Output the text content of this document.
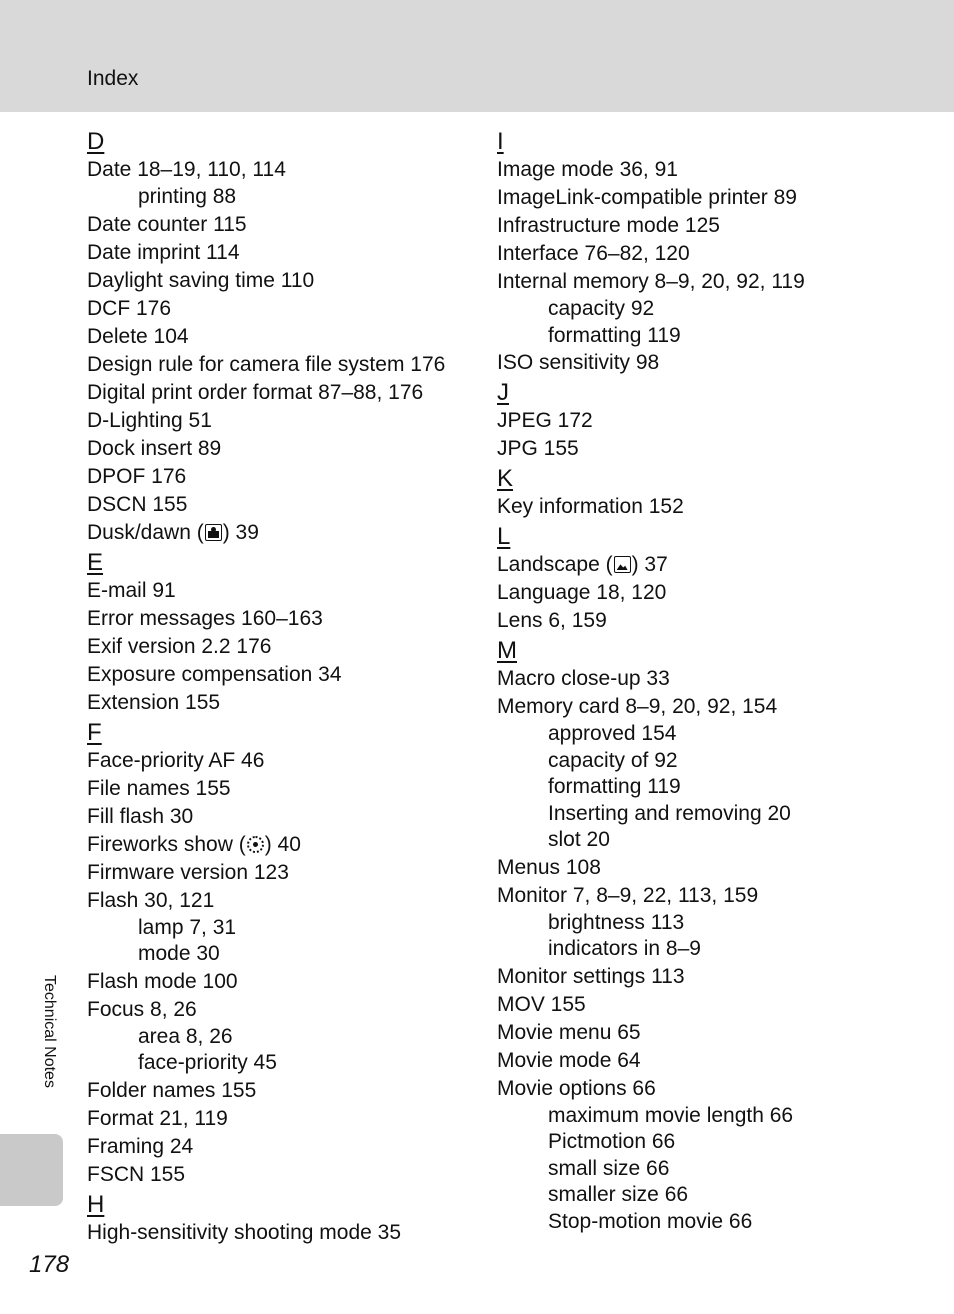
Index
D
Date 18–19, 110, 114
printing 88
Date counter 115
Date imprint 114
Daylight saving time 110
DCF 176
Delete 104
Design rule for camera file system 176
Digital print order format 87–88, 176
D-Lighting 51
Dock insert 89
DPOF 176
DSCN 155
Dusk/dawn ( ) 39
E
E-mail 91
Error messages 160–163
Exif version 2.2 176
Exposure compensation 34
Extension 155
F
Face-priority AF 46
File names 155
Fill flash 30
Fireworks show ( ) 40
Firmware version 123
Flash 30, 121
lamp 7, 31
mode 30
Flash mode 100
Focus 8, 26
area 8, 26
face-priority 45
Folder names 155
Format 21, 119
Framing 24
FSCN 155
H
High-sensitivity shooting mode 35
I
Image mode 36, 91
ImageLink-compatible printer 89
Infrastructure mode 125
Interface 76–82, 120
Internal memory 8–9, 20, 92, 119
capacity 92
formatting 119
ISO sensitivity 98
J
JPEG 172
JPG 155
K
Key information 152
L
Landscape ( ) 37
Language 18, 120
Lens 6, 159
M
Macro close-up 33
Memory card 8–9, 20, 92, 154
approved 154
capacity of 92
formatting 119
Inserting and removing 20
slot 20
Menus 108
Monitor 7, 8–9, 22, 113, 159
brightness 113
indicators in 8–9
Monitor settings 113
MOV 155
Movie menu 65
Movie mode 64
Movie options 66
maximum movie length 66
Pictmotion 66
small size 66
smaller size 66
Stop-motion movie 66
Technical Notes
178
